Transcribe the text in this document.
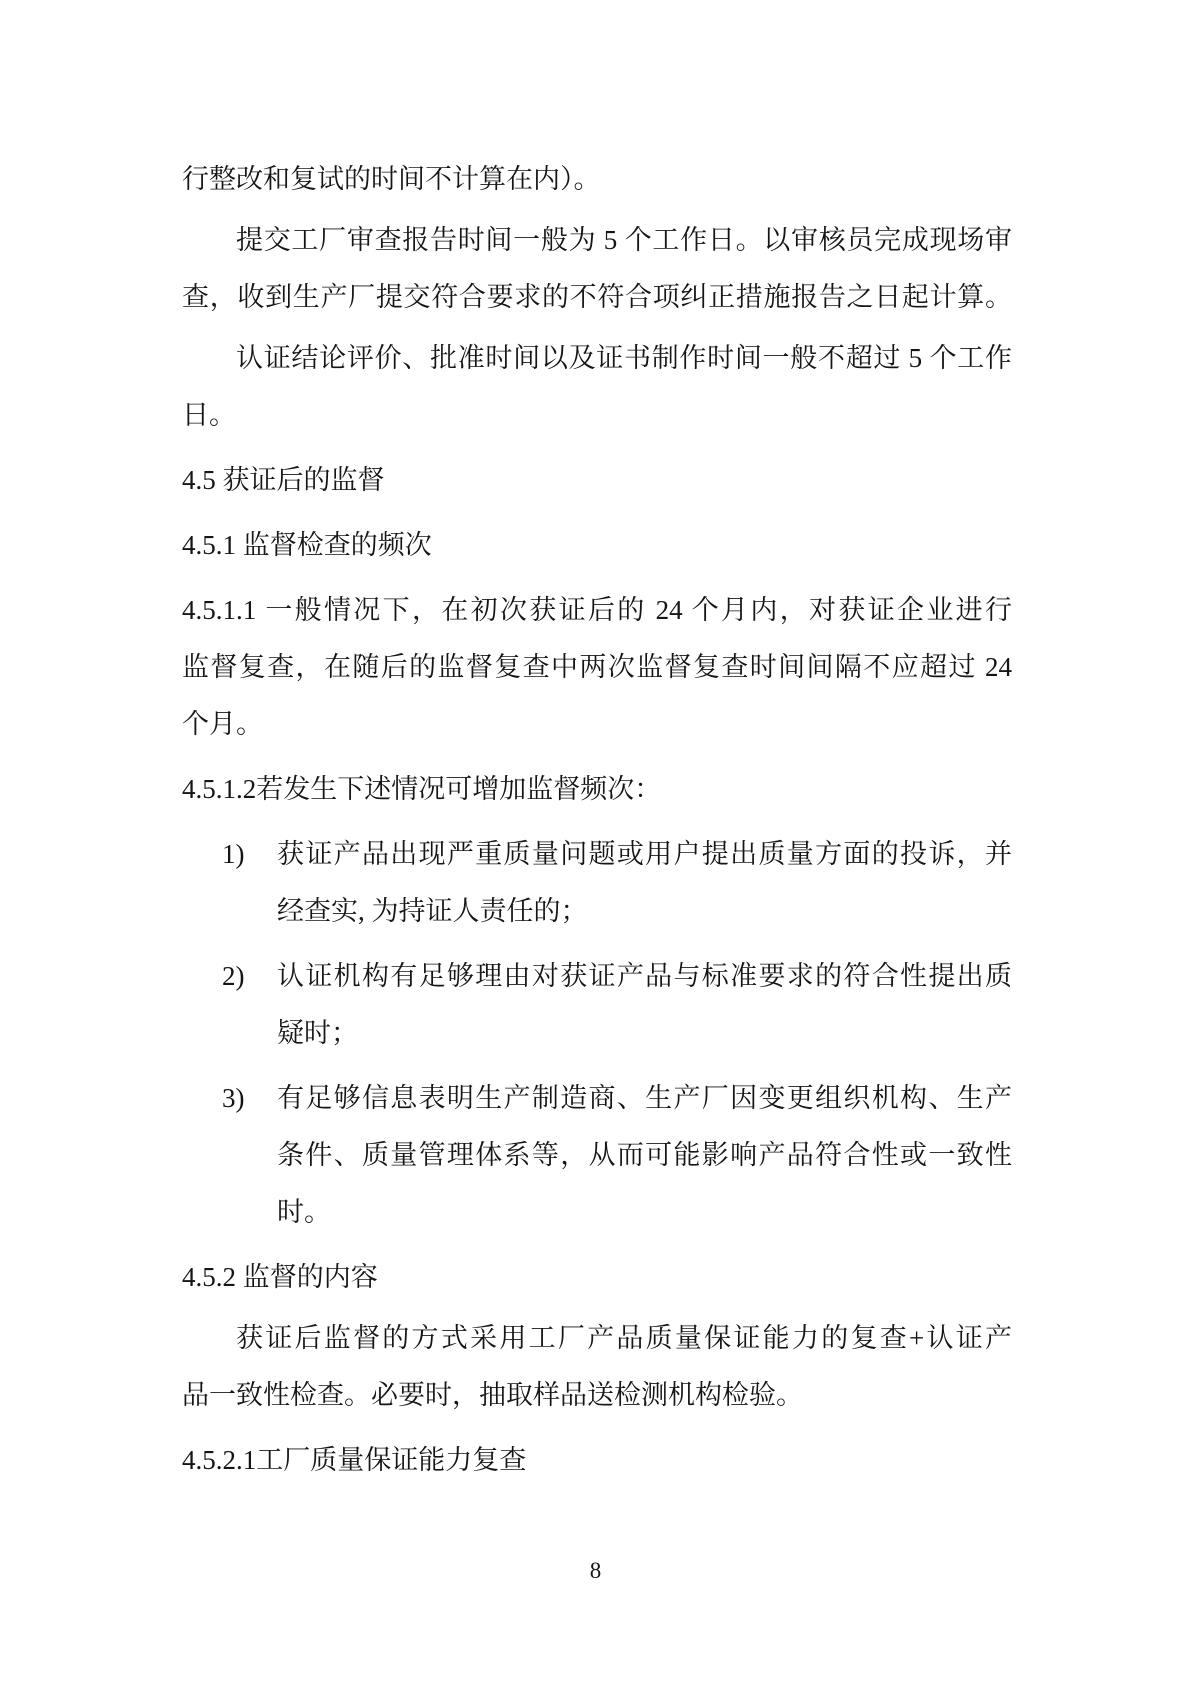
行整改和复试的时间不计算在内）。
提交工厂审查报告时间一般为 5 个工作日。以审核员完成现场审
查，收到生产厂提交符合要求的不符合项纠正措施报告之日起计算。
认证结论评价、批准时间以及证书制作时间一般不超过 5 个工作
日。
4.5 获证后的监督
4.5.1 监督检查的频次
4.5.1.1 一般情况下，在初次获证后的 24 个月内，对获证企业进行
监督复查，在随后的监督复查中两次监督复查时间间隔不应超过 24
个月。
4.5.1.2若发生下述情况可增加监督频次：
1)	获证产品出现严重质量问题或用户提出质量方面的投诉，并
经查实, 为持证人责任的；
2)	认证机构有足够理由对获证产品与标准要求的符合性提出质
疑时；
3)	有足够信息表明生产制造商、生产厂因变更组织机构、生产
条件、质量管理体系等，从而可能影响产品符合性或一致性
时。
4.5.2 监督的内容
获证后监督的方式采用工厂产品质量保证能力的复查+认证产
品一致性检查。必要时，抽取样品送检测机构检验。
4.5.2.1工厂质量保证能力复查
8
